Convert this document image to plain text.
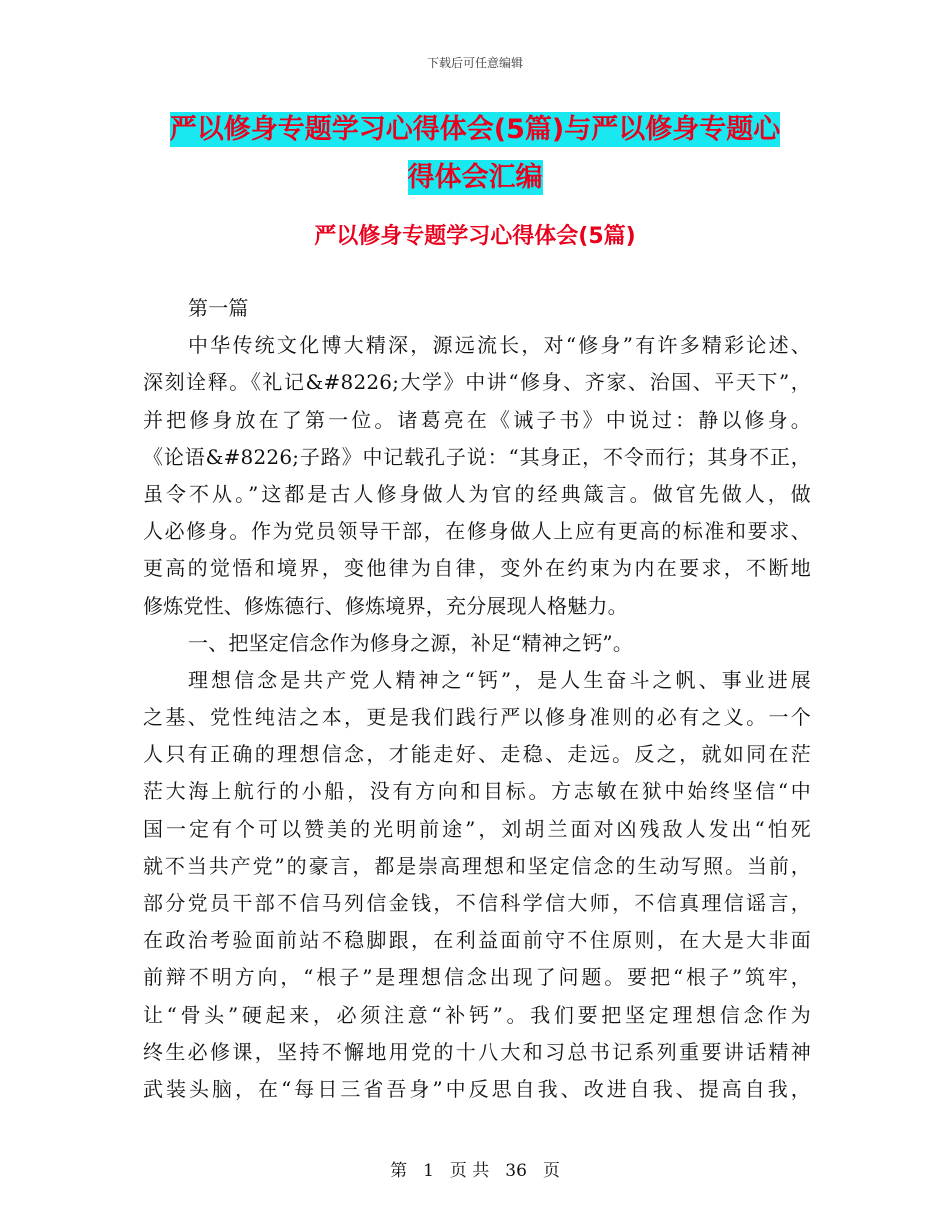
下载后可任意编辑
严以修身专题学习心得体会(5篇)与严以修身专题心
得体会汇编
严以修身专题学习心得体会(5篇)
第一篇
中华传统文化博大精深，源远流长，对“修身”有许多精彩论述、
深刻诠释。《礼记&#8226;大学》中讲“修身、齐家、治国、平天下”，
并把修身放在了第一位。诸葛亮在《诫子书》中说过：静以修身。
《论语&#8226;子路》中记载孔子说：“其身正，不令而行；其身不正，
虽令不从。”这都是古人修身做人为官的经典箴言。做官先做人，做
人必修身。作为党员领导干部，在修身做人上应有更高的标准和要求、
更高的觉悟和境界，变他律为自律，变外在约束为内在要求，不断地
修炼党性、修炼德行、修炼境界，充分展现人格魅力。
一、把坚定信念作为修身之源，补足“精神之钙”。
理想信念是共产党人精神之“钙”，是人生奋斗之帆、事业进展
之基、党性纯洁之本，更是我们践行严以修身准则的必有之义。一个
人只有正确的理想信念，才能走好、走稳、走远。反之，就如同在茫
茫大海上航行的小船，没有方向和目标。方志敏在狱中始终坚信“中
国一定有个可以赞美的光明前途”，刘胡兰面对凶残敌人发出“怕死
就不当共产党”的豪言，都是崇高理想和坚定信念的生动写照。当前，
部分党员干部不信马列信金钱，不信科学信大师，不信真理信谣言，
在政治考验面前站不稳脚跟，在利益面前守不住原则，在大是大非面
前辩不明方向，“根子”是理想信念出现了问题。要把“根子”筑牢，
让“骨头”硬起来，必须注意“补钙”。我们要把坚定理想信念作为
终生必修课，坚持不懈地用党的十八大和习总书记系列重要讲话精神
武装头脑，在“每日三省吾身”中反思自我、改进自我、提高自我，
第 1 页 共 36 页
